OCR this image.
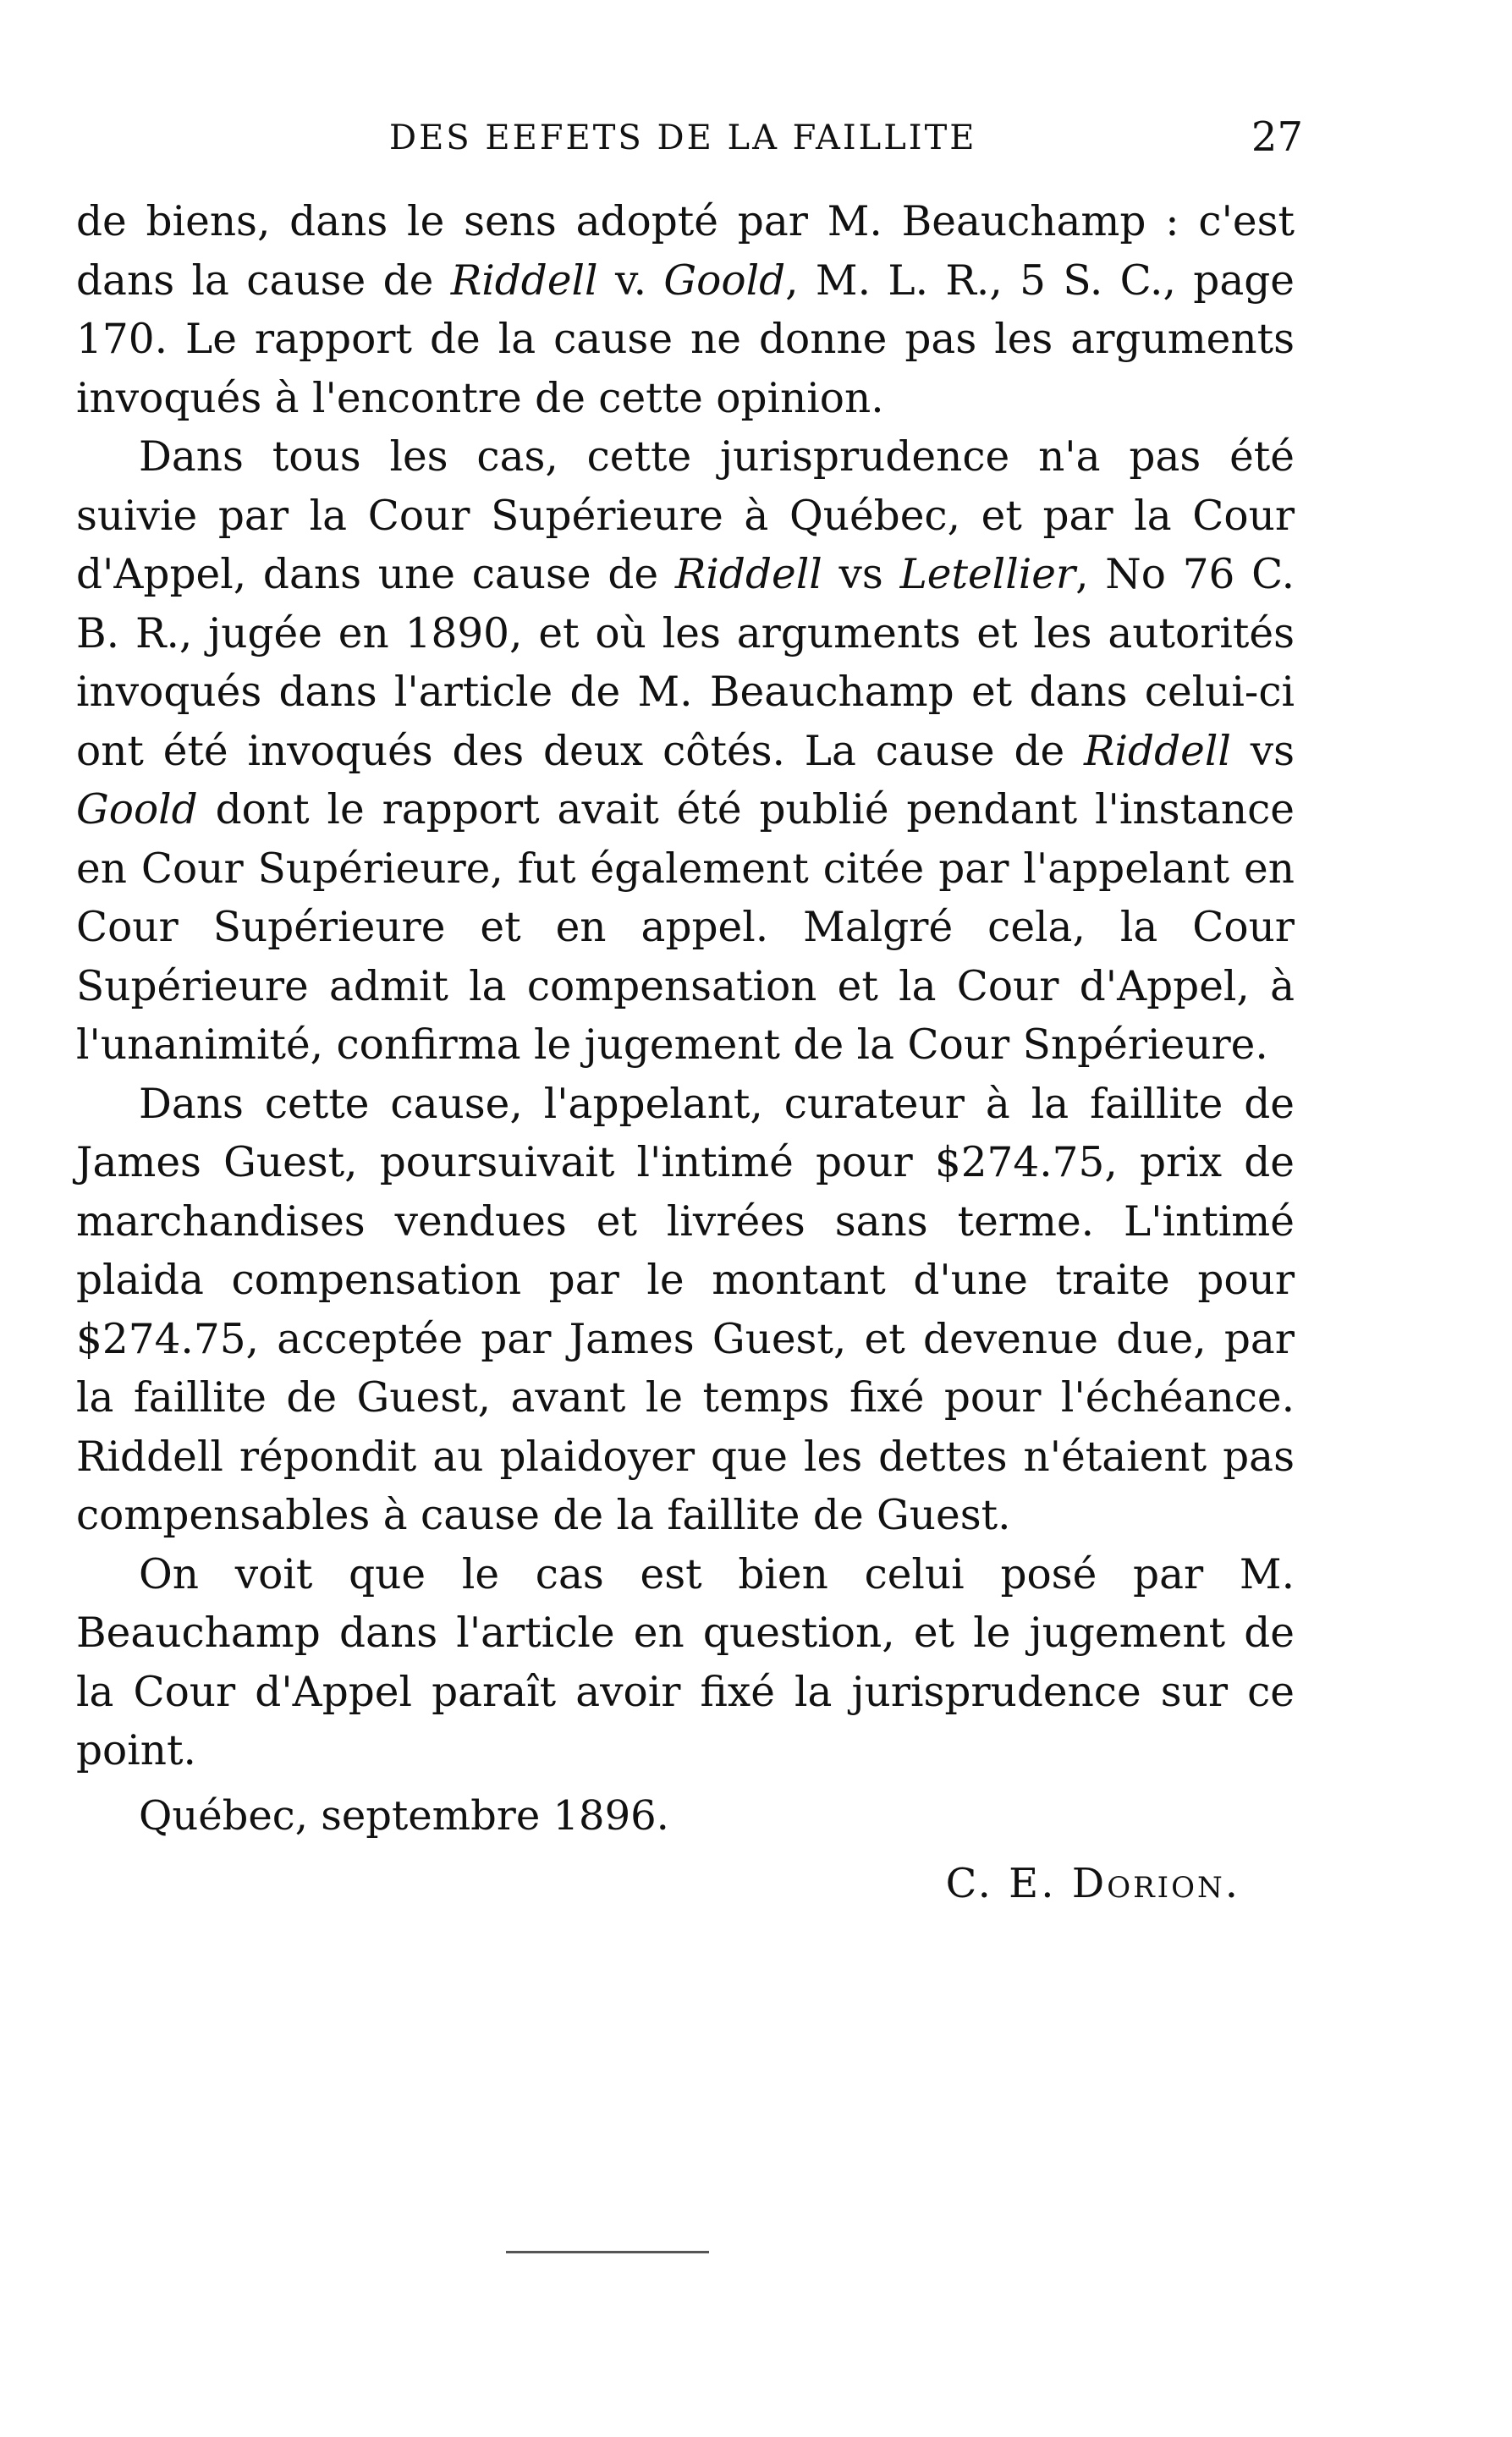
DES EEFETS DE LA FAILLITE	27

de biens, dans le sens adopté par M. Beauchamp : c'est dans la cause de Riddell v. Goold, M. L. R., 5 S. C., page 170. Le rapport de la cause ne donne pas les arguments invoqués à l'encontre de cette opinion.

Dans tous les cas, cette jurisprudence n'a pas été suivie par la Cour Supérieure à Québec, et par la Cour d'Appel, dans une cause de Riddell vs Letellier, No 76 C. B. R., jugée en 1890, et où les arguments et les autorités invoqués dans l'article de M. Beauchamp et dans celui-ci ont été invoqués des deux côtés. La cause de Riddell vs Goold dont le rapport avait été publié pendant l'instance en Cour Supérieure, fut également citée par l'appelant en Cour Supérieure et en appel. Malgré cela, la Cour Supérieure admit la compensation et la Cour d'Appel, à l'unanimité, confirma le jugement de la Cour Snpérieure.

Dans cette cause, l'appelant, curateur à la faillite de James Guest, poursuivait l'intimé pour $274.75, prix de marchandises vendues et livrées sans terme. L'intimé plaida compensation par le montant d'une traite pour $274.75, acceptée par James Guest, et devenue due, par la faillite de Guest, avant le temps fixé pour l'échéance. Riddell répondit au plaidoyer que les dettes n'étaient pas compensables à cause de la faillite de Guest.

On voit que le cas est bien celui posé par M. Beauchamp dans l'article en question, et le jugement de la Cour d'Appel paraît avoir fixé la jurisprudence sur ce point.

Québec, septembre 1896.
C. E. Dorion.
